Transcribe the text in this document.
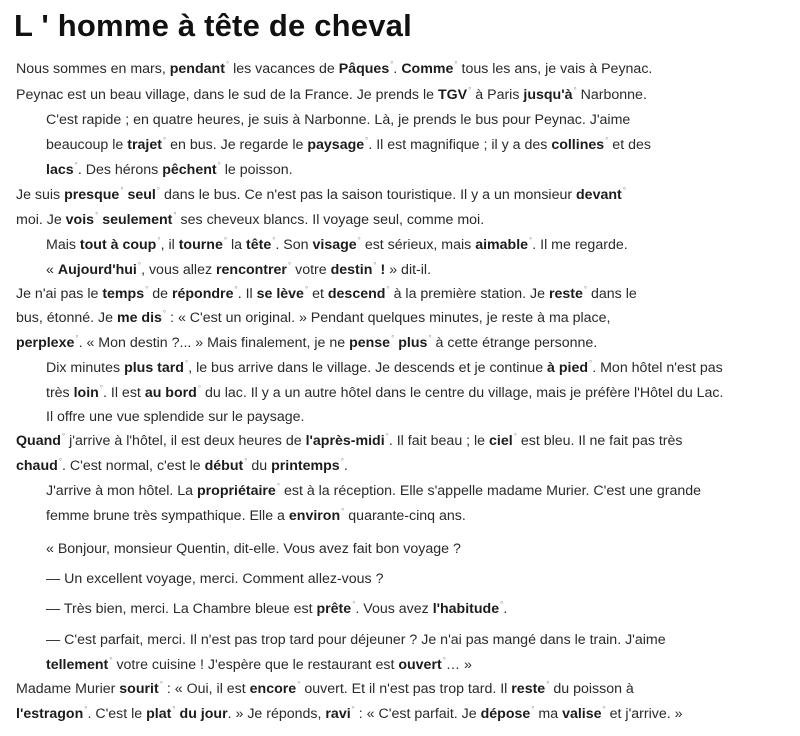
L ' homme à tête de cheval
Nous sommes en mars, pendant° les vacances de Pâques°. Comme° tous les ans, je vais à Peynac.
Peynac est un beau village, dans le sud de la France. Je prends le TGV° à Paris jusqu'à° Narbonne.
C'est rapide ; en quatre heures, je suis à Narbonne. Là, je prends le bus pour Peynac. J'aime
beaucoup le trajet° en bus. Je regarde le paysage°. Il est magnifique ; il y a des collines° et des
lacs°. Des hérons pêchent° le poisson.
Je suis presque° seul° dans le bus. Ce n'est pas la saison touristique. Il y a un monsieur devant°
moi. Je vois° seulement° ses cheveux blancs. Il voyage seul, comme moi.
Mais tout à coup°, il tourne° la tête°. Son visage° est sérieux, mais aimable°. Il me regarde.
« Aujourd'hui°, vous allez rencontrer° votre destin° ! » dit-il.
Je n'ai pas le temps° de répondre°. Il se lève° et descend° à la première station. Je reste° dans le
bus, étonné. Je me dis° : « C'est un original. » Pendant quelques minutes, je reste à ma place,
perplexe°. « Mon destin ?... » Mais finalement, je ne pense° plus° à cette étrange personne.
Dix minutes plus tard°, le bus arrive dans le village. Je descends et je continue à pied°. Mon hôtel n'est pas
très loin°. Il est au bord° du lac. Il y a un autre hôtel dans le centre du village, mais je préfère l'Hôtel du Lac.
Il offre une vue splendide sur le paysage.
Quand° j'arrive à l'hôtel, il est deux heures de l'après-midi°. Il fait beau ; le ciel° est bleu. Il ne fait pas très
chaud°. C'est normal, c'est le début° du printemps°.
J'arrive à mon hôtel. La propriétaire° est à la réception. Elle s'appelle madame Murier. C'est une grande
femme brune très sympathique. Elle a environ° quarante-cinq ans.
« Bonjour, monsieur Quentin, dit-elle. Vous avez fait bon voyage ?
— Un excellent voyage, merci. Comment allez-vous ?
— Très bien, merci. La Chambre bleue est prête°. Vous avez l'habitude°.
— C'est parfait, merci. Il n'est pas trop tard pour déjeuner ? Je n'ai pas mangé dans le train. J'aime
tellement° votre cuisine ! J'espère que le restaurant est ouvert°… »
Madame Murier sourit° : « Oui, il est encore° ouvert. Et il n'est pas trop tard. Il reste° du poisson à
l'estragon°. C'est le plat° du jour. » Je réponds, ravi° : « C'est parfait. Je dépose° ma valise° et j'arrive. »
